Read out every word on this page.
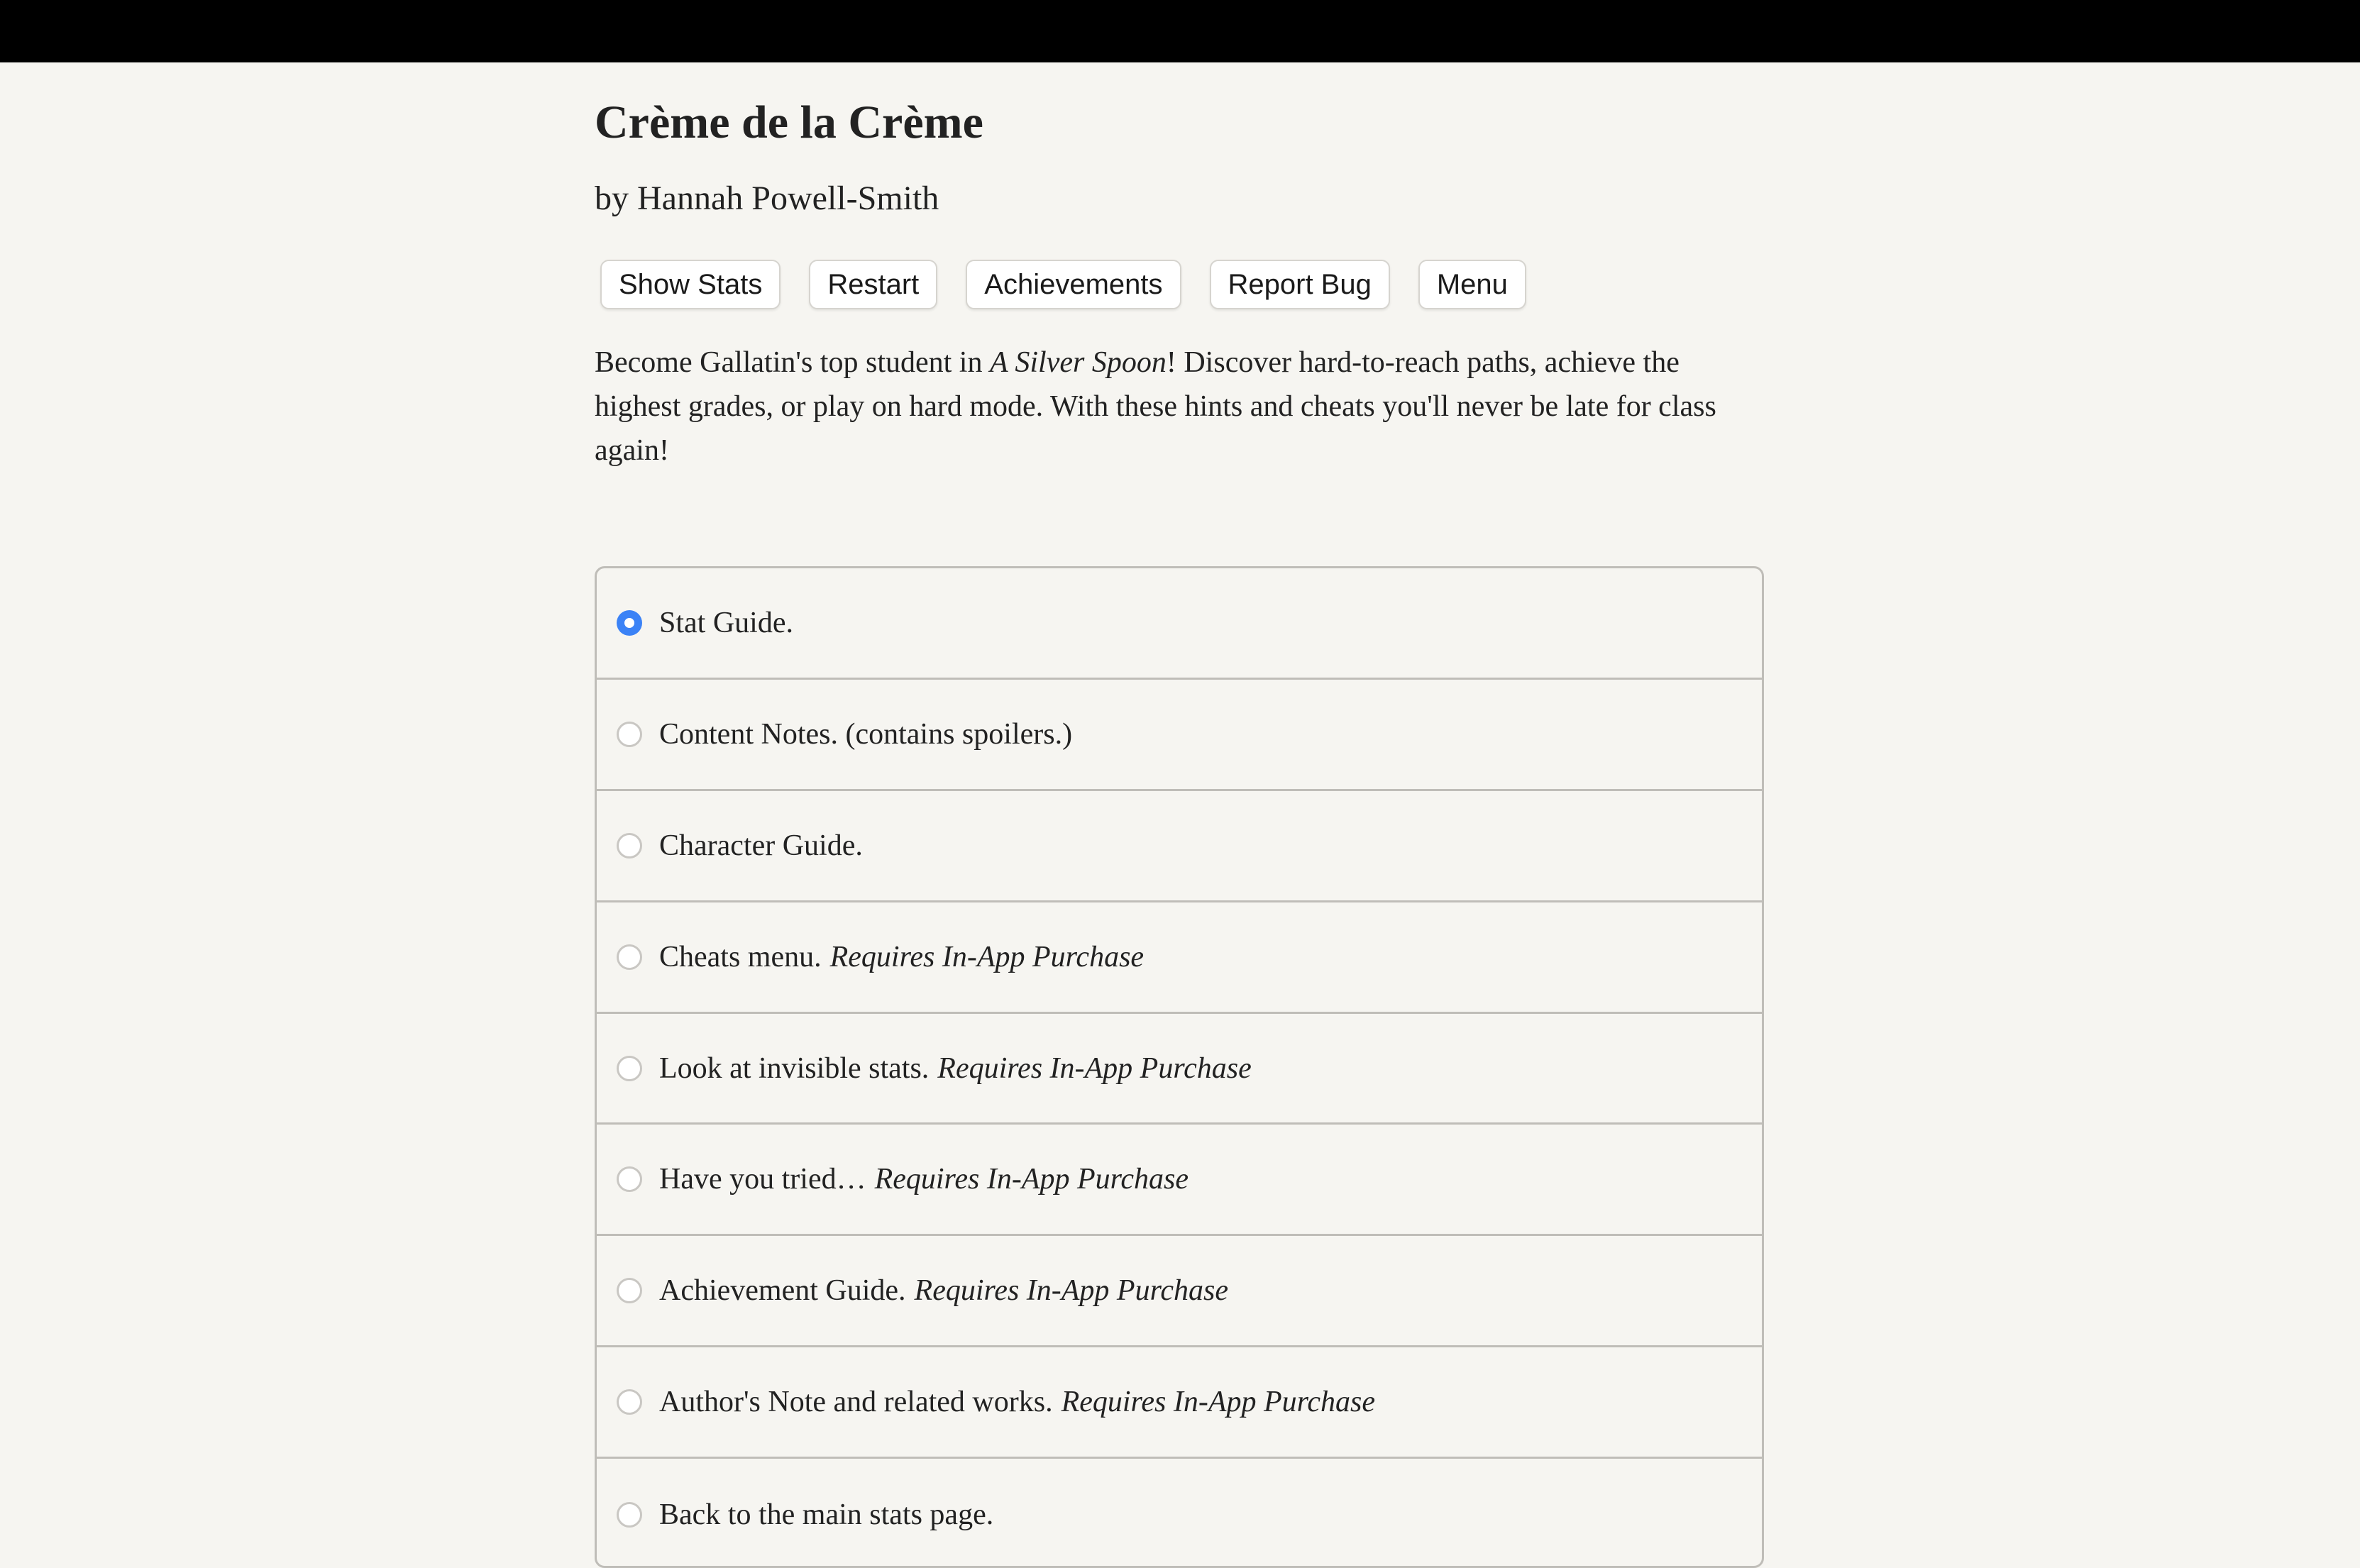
Crème de la Crème
by Hannah Powell-Smith
Show Stats	Restart	Achievements	Report Bug	Menu

Become Gallatin's top student in A Silver Spoon! Discover hard-to-reach paths, achieve the highest grades, or play on hard mode. With these hints and cheats you'll never be late for class again!

Stat Guide.
Content Notes. (contains spoilers.)
Character Guide.
Cheats menu. Requires In-App Purchase
Look at invisible stats. Requires In-App Purchase
Have you tried… Requires In-App Purchase
Achievement Guide. Requires In-App Purchase
Author's Note and related works. Requires In-App Purchase
Back to the main stats page.
